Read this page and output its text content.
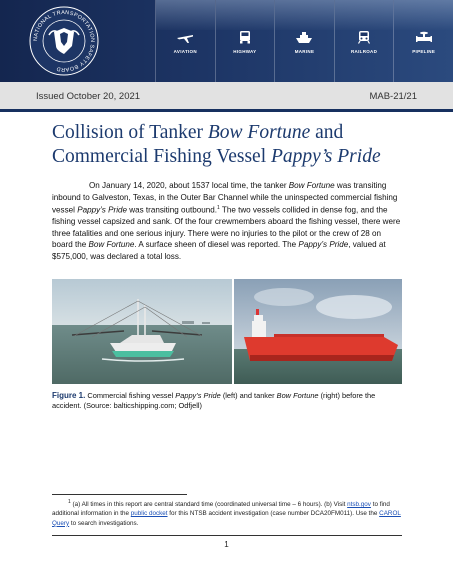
NATIONAL TRANSPORTATION SAFETY BOARD
AVIATION	HIGHWAY	MARINE	RAILROAD	PIPELINE
Issued October 20, 2021	MAB-21/21
Collision of Tanker Bow Fortune and Commercial Fishing Vessel Pappy’s Pride

On January 14, 2020, about 1537 local time, the tanker Bow Fortune was transiting inbound to Galveston, Texas, in the Outer Bar Channel while the uninspected commercial fishing vessel Pappy’s Pride was transiting outbound.$^1$ The two vessels collided in dense fog, and the fishing vessel capsized and sank. Of the four crewmembers aboard the fishing vessel, there were three fatalities and one serious injury. There were no injuries to the pilot or the crew of 28 on board the Bow Fortune. A surface sheen of diesel was reported. The Pappy’s Pride, valued at $575,000, was declared a total loss.

Figure 1. Commercial fishing vessel Pappy’s Pride (left) and tanker Bow Fortune (right) before the accident. (Source: balticshipping.com; Odfjell)

$^1$ (a) All times in this report are central standard time (coordinated universal time – 6 hours). (b) Visit ntsb.gov to find additional information in the public docket for this NTSB accident investigation (case number DCA20FM011). Use the CAROL Query to search investigations.

1
